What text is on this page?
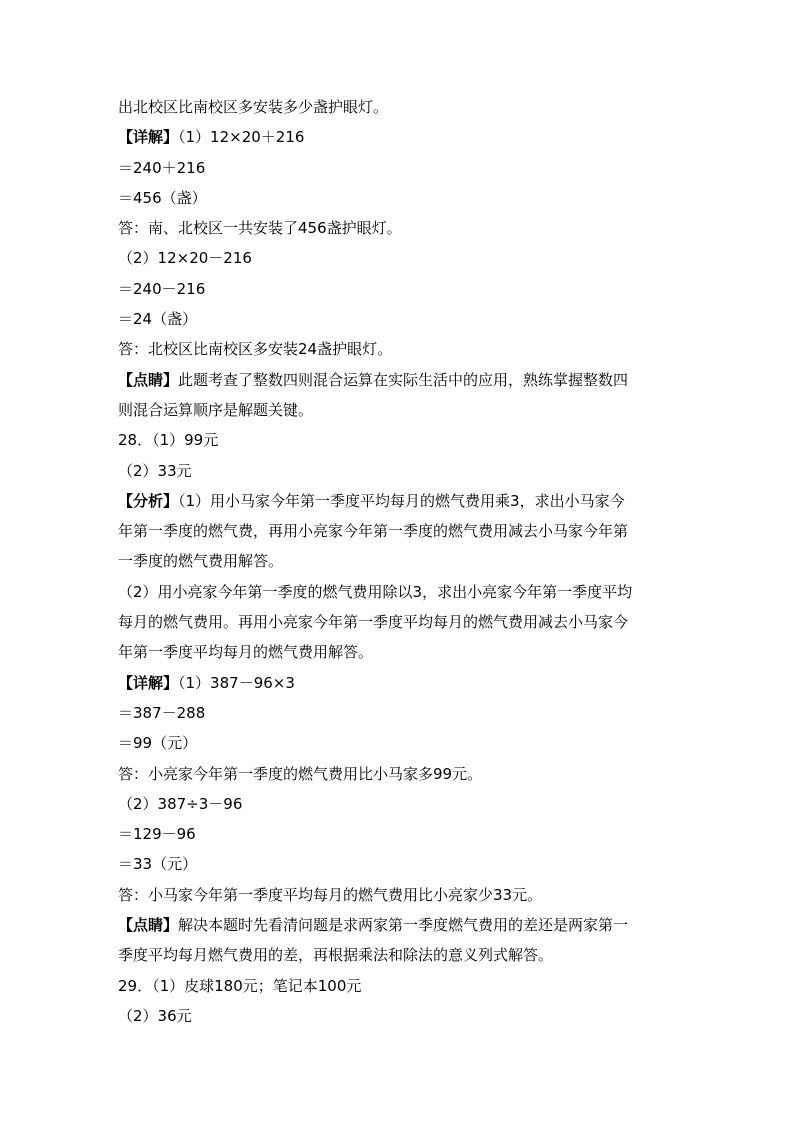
出北校区比南校区多安装多少盏护眼灯。
【详解】（1）12×20＋216
＝240＋216
＝456（盏）
答：南、北校区一共安装了456盏护眼灯。
（2）12×20－216
＝240－216
＝24（盏）
答：北校区比南校区多安装24盏护眼灯。
【点睛】此题考查了整数四则混合运算在实际生活中的应用，熟练掌握整数四
则混合运算顺序是解题关键。
28．（1）99元
（2）33元
【分析】（1）用小马家今年第一季度平均每月的燃气费用乘3，求出小马家今
年第一季度的燃气费，再用小亮家今年第一季度的燃气费用减去小马家今年第
一季度的燃气费用解答。
（2）用小亮家今年第一季度的燃气费用除以3，求出小亮家今年第一季度平均
每月的燃气费用。再用小亮家今年第一季度平均每月的燃气费用减去小马家今
年第一季度平均每月的燃气费用解答。
【详解】（1）387－96×3
＝387－288
＝99（元）
答：小亮家今年第一季度的燃气费用比小马家多99元。
（2）387÷3－96
＝129－96
＝33（元）
答：小马家今年第一季度平均每月的燃气费用比小亮家少33元。
【点睛】解决本题时先看清问题是求两家第一季度燃气费用的差还是两家第一
季度平均每月燃气费用的差，再根据乘法和除法的意义列式解答。
29．（1）皮球180元；笔记本100元
（2）36元
